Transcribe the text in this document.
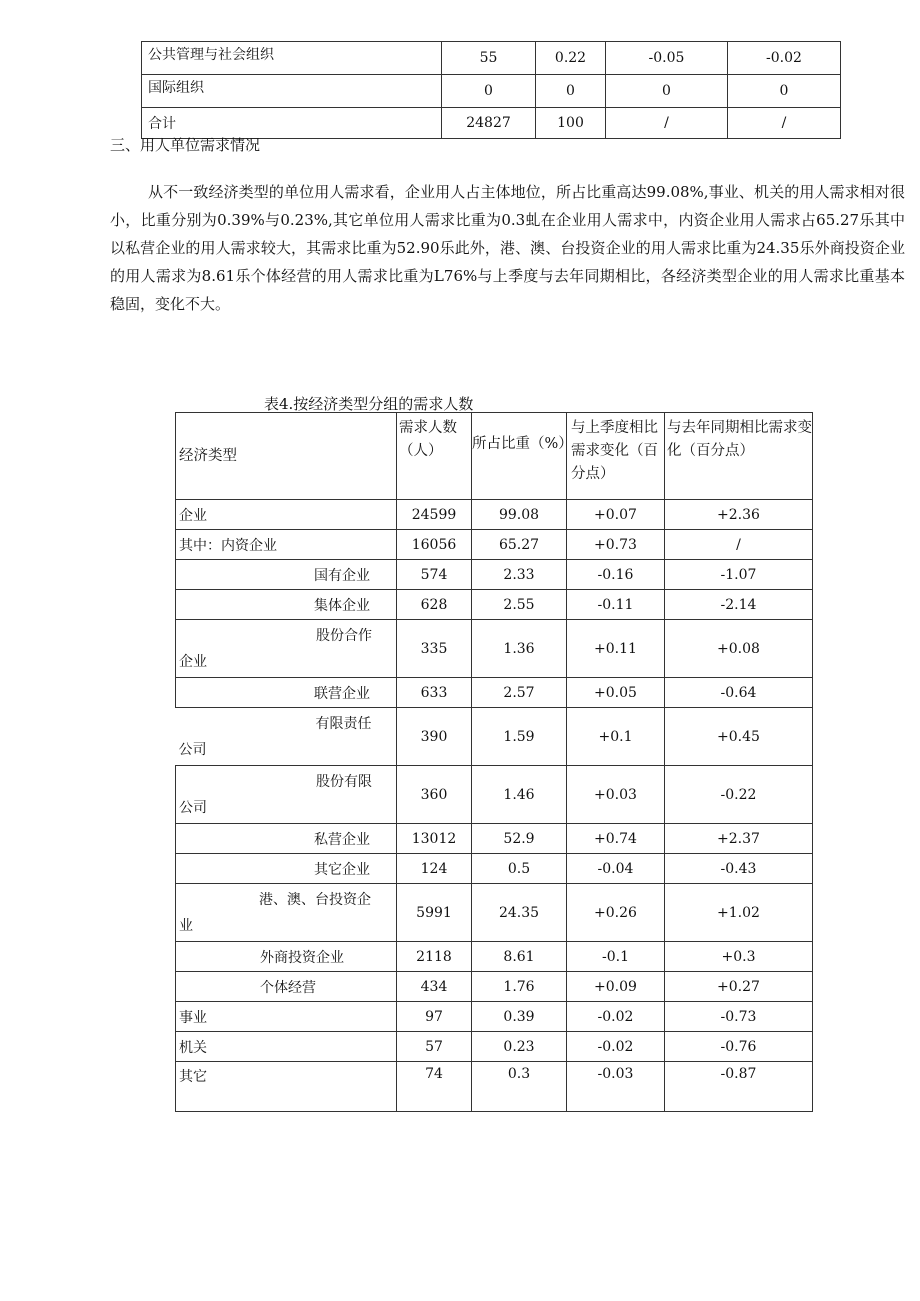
公共管理与社会组织	55	0.22	-0.05	-0.02
国际组织	0	0	0	0
合计	24827	100	/	/
三、用人单位需求情况

从不一致经济类型的单位用人需求看，企业用人占主体地位，所占比重高达99.08%,事业、机关的用人需求相对很小，比重分别为0.39%与0.23%,其它单位用人需求比重为0.3虬在企业用人需求中，内资企业用人需求占65.27乐其中以私营企业的用人需求较大，其需求比重为52.90乐此外，港、澳、台投资企业的用人需求比重为24.35乐外商投资企业的用人需求为8.61乐个体经营的用人需求比重为L76%与上季度与去年同期相比，各经济类型企业的用人需求比重基本稳固，变化不大。

表4.按经济类型分组的需求人数
经济类型	需求人数（人）	所占比重（%）	与上季度相比需求变化（百分点）	与去年同期相比需求变化（百分点）
企业	24599	99.08	+0.07	+2.36
其中：内资企业	16056	65.27	+0.73	/
国有企业	574	2.33	-0.16	-1.07
集体企业	628	2.55	-0.11	-2.14

股份合作
企业	335	1.36	+0.11	+0.08
联营企业	633	2.57	+0.05	-0.64

有限责任
公司	390	1.59	+0.1	+0.45

股份有限
公司	360	1.46	+0.03	-0.22
私营企业	13012	52.9	+0.74	+2.37
其它企业	124	0.5	-0.04	-0.43

港、澳、台投资企
业	5991	24.35	+0.26	+1.02
外商投资企业	2118	8.61	-0.1	+0.3
个体经营	434	1.76	+0.09	+0.27
事业	97	0.39	-0.02	-0.73
机关	57	0.23	-0.02	-0.76
其它	74	0.3	-0.03	-0.87
